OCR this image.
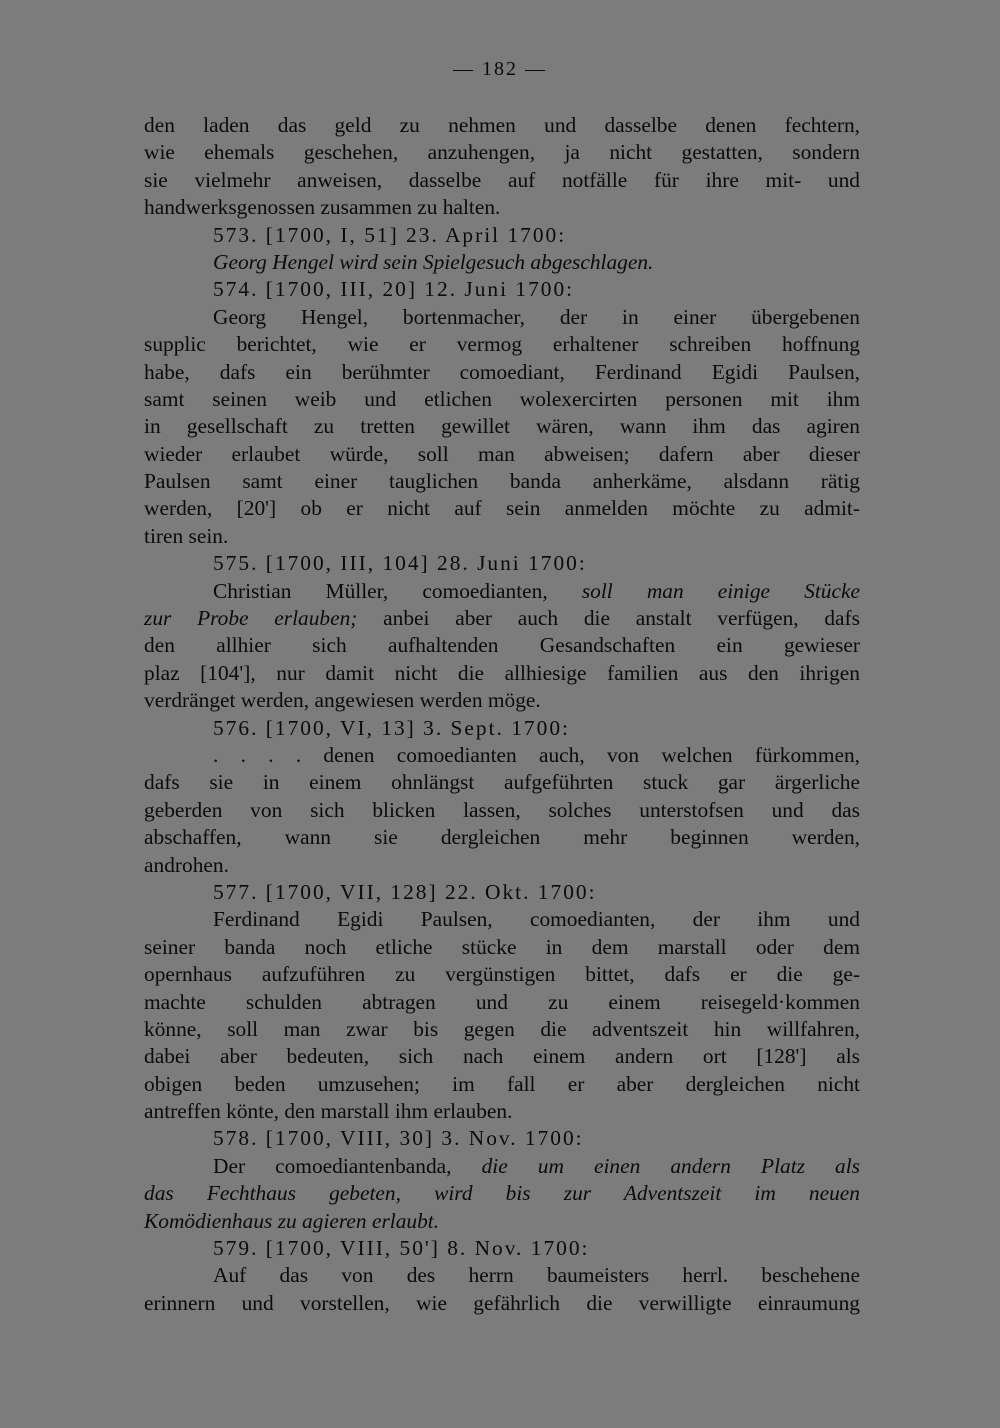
— 182 —
den laden das geld zu nehmen und dasselbe denen fechtern,
wie ehemals geschehen, anzuhengen, ja nicht gestatten, sondern
sie vielmehr anweisen, dasselbe auf notfälle für ihre mit- und
handwerksgenossen zusammen zu halten.
573. [1700, I, 51] 23. April 1700:
Georg Hengel wird sein Spielgesuch abgeschlagen.
574. [1700, III, 20] 12. Juni 1700:
Georg Hengel, bortenmacher, der in einer übergebenen
supplic berichtet, wie er vermog erhaltener schreiben hoffnung
habe, dafs ein berühmter comoediant, Ferdinand Egidi Paulsen,
samt seinen weib und etlichen wolexercirten personen mit ihm
in gesellschaft zu tretten gewillet wären, wann ihm das agiren
wieder erlaubet würde, soll man abweisen; dafern aber dieser
Paulsen samt einer tauglichen banda anherkäme, alsdann rätig
werden, [20'] ob er nicht auf sein anmelden möchte zu admit-
tiren sein.
575. [1700, III, 104] 28. Juni 1700:
Christian Müller, comoedianten, soll man einige Stücke
zur Probe erlauben; anbei aber auch die anstalt verfügen, dafs
den allhier sich aufhaltenden Gesandschaften ein gewieser
plaz [104'], nur damit nicht die allhiesige familien aus den ihrigen
verdränget werden, angewiesen werden möge.
576. [1700, VI, 13] 3. Sept. 1700:
. . . . denen comoedianten auch, von welchen fürkommen,
dafs sie in einem ohnlängst aufgeführten stuck gar ärgerliche
geberden von sich blicken lassen, solches unterstofsen und das
abschaffen, wann sie dergleichen mehr beginnen werden,
androhen.
577. [1700, VII, 128] 22. Okt. 1700:
Ferdinand Egidi Paulsen, comoedianten, der ihm und
seiner banda noch etliche stücke in dem marstall oder dem
opernhaus aufzuführen zu vergünstigen bittet, dafs er die ge-
machte schulden abtragen und zu einem reisegeld·kommen
könne, soll man zwar bis gegen die adventszeit hin willfahren,
dabei aber bedeuten, sich nach einem andern ort [128'] als
obigen beden umzusehen; im fall er aber dergleichen nicht
antreffen könte, den marstall ihm erlauben.
578. [1700, VIII, 30] 3. Nov. 1700:
Der comoediantenbanda, die um einen andern Platz als
das Fechthaus gebeten, wird bis zur Adventszeit im neuen
Komödienhaus zu agieren erlaubt.
579. [1700, VIII, 50'] 8. Nov. 1700:
Auf das von des herrn baumeisters herrl. beschehene
erinnern und vorstellen, wie gefährlich die verwilligte einraumung
